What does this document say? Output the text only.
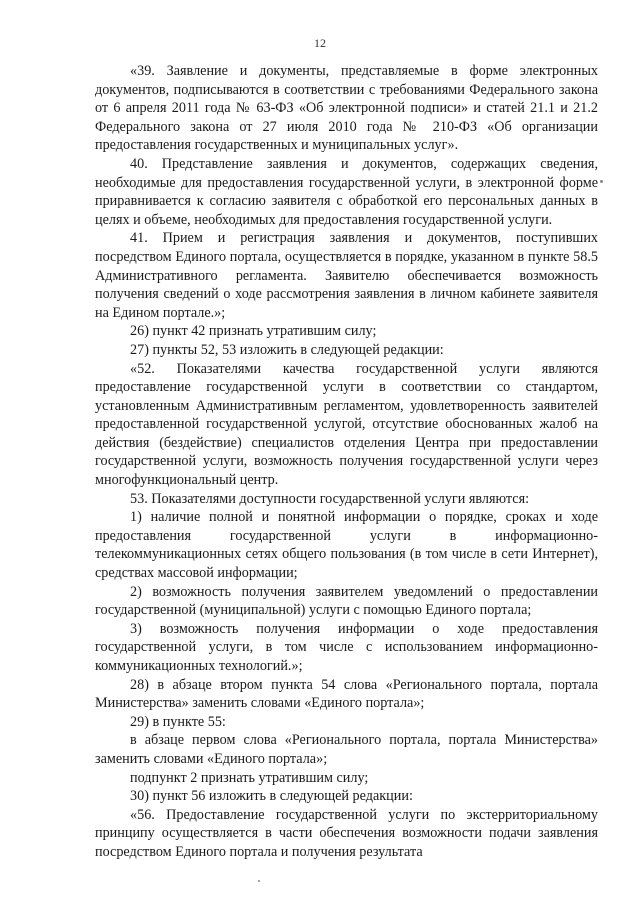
12

«39. Заявление и документы, представляемые в форме электронных документов, подписываются в соответствии с требованиями Федерального закона от 6 апреля 2011 года № 63-ФЗ «Об электронной подписи» и статей 21.1 и 21.2 Федерального закона от 27 июля 2010 года № 210-ФЗ «Об организации предоставления государственных и муниципальных услуг».

40. Представление заявления и документов, содержащих сведения, необходимые для предоставления государственной услуги, в электронной форме приравнивается к согласию заявителя с обработкой его персональных данных в целях и объеме, необходимых для предоставления государственной услуги.

41. Прием и регистрация заявления и документов, поступивших посредством Единого портала, осуществляется в порядке, указанном в пункте 58.5 Административного регламента. Заявителю обеспечивается возможность получения сведений о ходе рассмотрения заявления в личном кабинете заявителя на Едином портале.»;

26) пункт 42 признать утратившим силу;

27) пункты 52, 53 изложить в следующей редакции:

«52. Показателями качества государственной услуги являются предоставление государственной услуги в соответствии со стандартом, установленным Административным регламентом, удовлетворенность заявителей предоставленной государственной услугой, отсутствие обоснованных жалоб на действия (бездействие) специалистов отделения Центра при предоставлении государственной услуги, возможность получения государственной услуги через многофункциональный центр.

53. Показателями доступности государственной услуги являются:

1) наличие полной и понятной информации о порядке, сроках и ходе предоставления государственной услуги в информационно-телекоммуникационных сетях общего пользования (в том числе в сети Интернет), средствах массовой информации;

2) возможность получения заявителем уведомлений о предоставлении государственной (муниципальной) услуги с помощью Единого портала;

3) возможность получения информации о ходе предоставления государственной услуги, в том числе с использованием информационно-коммуникационных технологий.»;

28) в абзаце втором пункта 54 слова «Регионального портала, портала Министерства» заменить словами «Единого портала»;

29) в пункте 55:

в абзаце первом слова «Регионального портала, портала Министерства» заменить словами «Единого портала»;

подпункт 2 признать утратившим силу;

30) пункт 56 изложить в следующей редакции:

«56. Предоставление государственной услуги по экстерриториальному принципу осуществляется в части обеспечения возможности подачи заявления посредством Единого портала и получения результата
